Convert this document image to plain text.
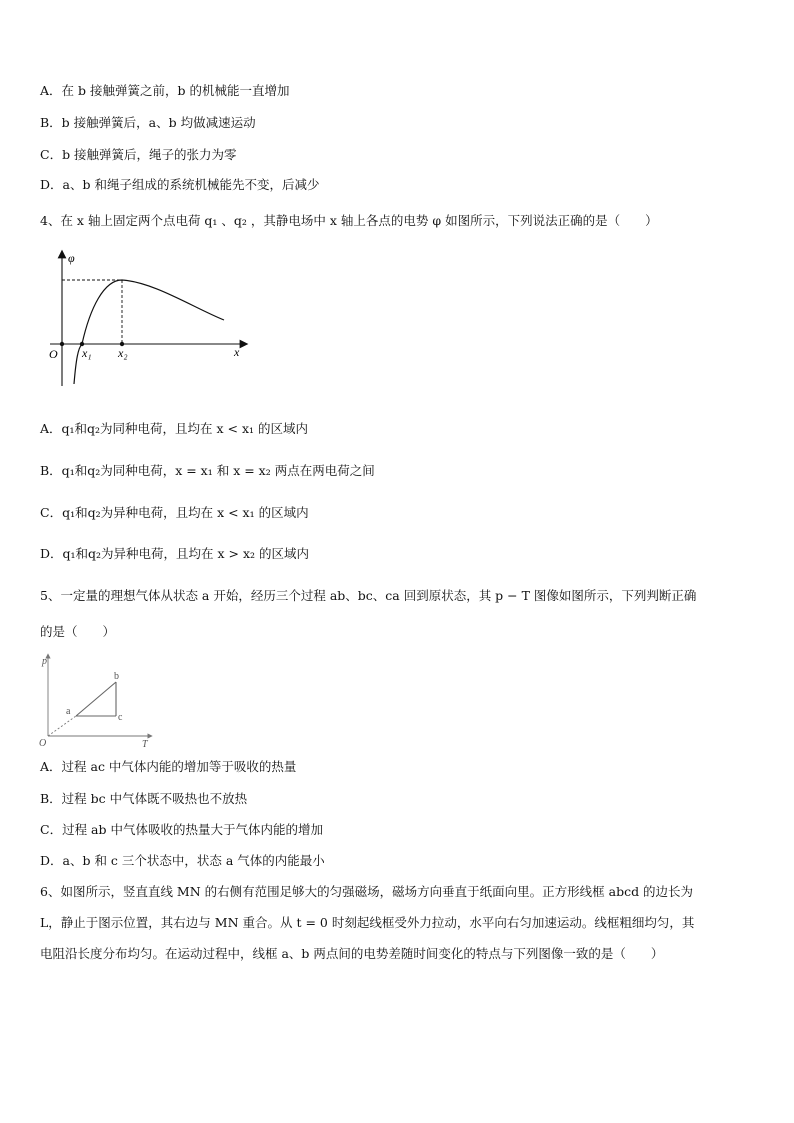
A．在 b 接触弹簧之前，b 的机械能一直增加
B．b 接触弹簧后，a、b 均做减速运动
C．b 接触弹簧后，绳子的张力为零
D．a、b 和绳子组成的系统机械能先不变，后减少
4、在 x 轴上固定两个点电荷 q₁ 、q₂ ，其静电场中 x 轴上各点的电势 φ 如图所示，下列说法正确的是（　　）
φ
x
O x₁ x₂
A．q₁和q₂为同种电荷，且均在 x < x₁ 的区域内
B．q₁和q₂为同种电荷，x = x₁ 和 x = x₂ 两点在两电荷之间
C．q₁和q₂为异种电荷，且均在 x < x₁ 的区域内
D．q₁和q₂为异种电荷，且均在 x > x₂ 的区域内
5、一定量的理想气体从状态 a 开始，经历三个过程 ab、bc、ca 回到原状态，其 p − T 图像如图所示，下列判断正确
的是（　　）
p
T
O
a
b
c
A．过程 ac 中气体内能的增加等于吸收的热量
B．过程 bc 中气体既不吸热也不放热
C．过程 ab 中气体吸收的热量大于气体内能的增加
D．a、b 和 c 三个状态中，状态 a 气体的内能最小
6、如图所示，竖直直线 MN 的右侧有范围足够大的匀强磁场，磁场方向垂直于纸面向里。正方形线框 abcd 的边长为
L，静止于图示位置，其右边与 MN 重合。从 t = 0 时刻起线框受外力拉动，水平向右匀加速运动。线框粗细均匀，其
电阻沿长度分布均匀。在运动过程中，线框 a、b 两点间的电势差随时间变化的特点与下列图像一致的是（　　）
